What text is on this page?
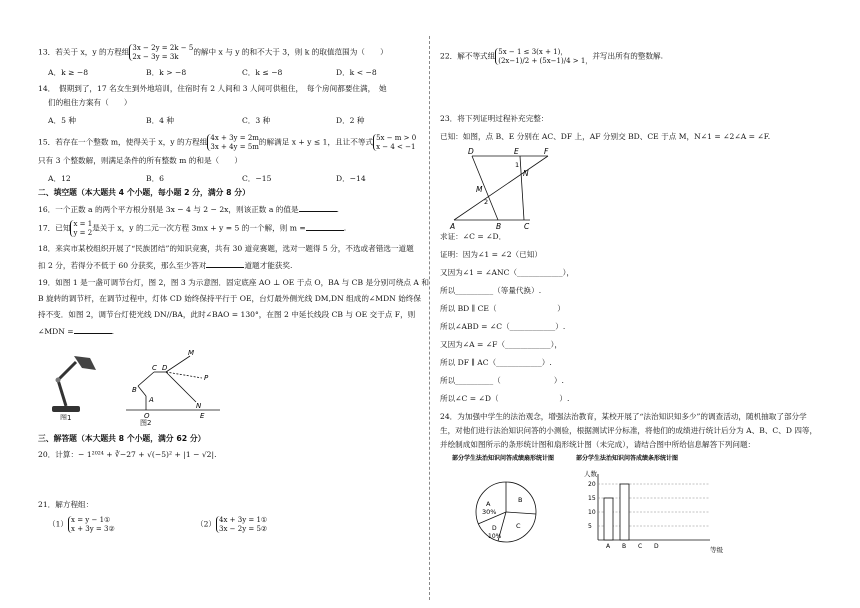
13．若关于 x，y 的方程组 3x − 2y = 2k − 5
2x − 3y = 3k 的解中 x 与 y 的和不大于 3，则 k 的取值范围为（　　）
A．k ≥ −8	B．k > −8	C．k ≤ −8	D．k < −8
14．　假期到了，17 名女生到外地培训，住宿时有 2 人间和 3 人间可供租住，　每个房间都要住满，　她
们的租住方案有（　　）
A．5 种	B．4 种	C．3 种	D．2 种
15．若存在一个整数 m，使得关于 x，y 的方程组 4x + 3y = 2m
3x + 4y = 5m的解满足 x + y ≤ 1，且让不等式 5x − m > 0
x − 4 < −1
只有 3 个整数解，则满足条件的所有整数 m 的和是（　　）
A．12	B．6	C．−15	D．−14
二、填空题（本大题共 4 个小题，每小题 2 分，满分 8 分）
16．一个正数 a 的两个平方根分别是 3x − 4 与 2 − 2x，则该正数 a 的值是	.
17．已知 x = 1
y = 2是关于 x，y 的二元一次方程 3mx + y = 5 的一个解，则 m =	.
18．来宾市某校组织开展了“民族团结”的知识竞赛，共有 30 道竞赛题，选对一题得 5 分，不选或者错选一道题
扣 2 分，若得分不低于 60 分获奖，那么至少答对	道题才能获奖.
19．如图 1 是一盏可调节台灯，图 2，图 3 为示意图．固定底座 AO ⊥ OE 于点 O，BA 与 CB 是分别可绕点 A 和
B 旋转的调节杆，在调节过程中，灯体 CD 始终保持平行于 OE，台灯最外侧光线 DM,DN 组成的∠MDN 始终保
持不变．如图 2，调节台灯使光线 DN//BA，此时∠BAO = 130°，在图 2 中延长线段 CB 与 OE 交于点 F，则
∠MDN =	.
图1
M
C D
P
B
A
N
O	E
图2
三、解答题（本大题共 8 个小题，满分 62 分）
20．计算：− 1²⁰²⁴ + ∛−27 + √(−5)² + |1 − √2|.
21．解方程组：
（1） x = y − 1①
x + 3y = 3②	（2） 4x + 3y = 1①
3x − 2y = 5②
22．解不等式组 5x − 1 ≤ 3(x + 1)，
(2x−1)/2 + (5x−1)/4 > 1，并写出所有的整数解.
23．将下列证明过程补充完整：
已知：如图，点 B、E 分别在 AC、DF 上，AF 分别交 BD、CE 于点 M，N∠1 = ∠2∠A = ∠F.
D	E	F
1
N
M
2
A	B	C
求证：∠C = ∠D．
证明：因为∠1 = ∠2（已知）
又因为∠1 = ∠ANC（____________），
所以__________（等量代换）.
所以 BD ∥ CE（　　　　　　　　）
所以∠ABD = ∠C（____________）.
又因为∠A = ∠F（____________），
所以 DF ∥ AC（____________）.
所以__________（　　　　　　　）.
所以∠C = ∠D（　　　　　　　　）.
24．为加强中学生的法治观念，增强法治教育，某校开展了“法治知识知多少”的调查活动，随机抽取了部分学
生，对他们进行法治知识问答的小测验，根据测试评分标准，将他们的成绩进行统计后分为 A、B、C、D 四等，
并绘制成如图所示的条形统计图和扇形统计图（未完成），请结合图中所给信息解答下列问题：
部分学生法治知识问答成绩扇形统计图
A
30%
B
C
D
10%
部分学生法治知识问答成绩条形统计图
20
15
10
5
A B C D
人数
等级
